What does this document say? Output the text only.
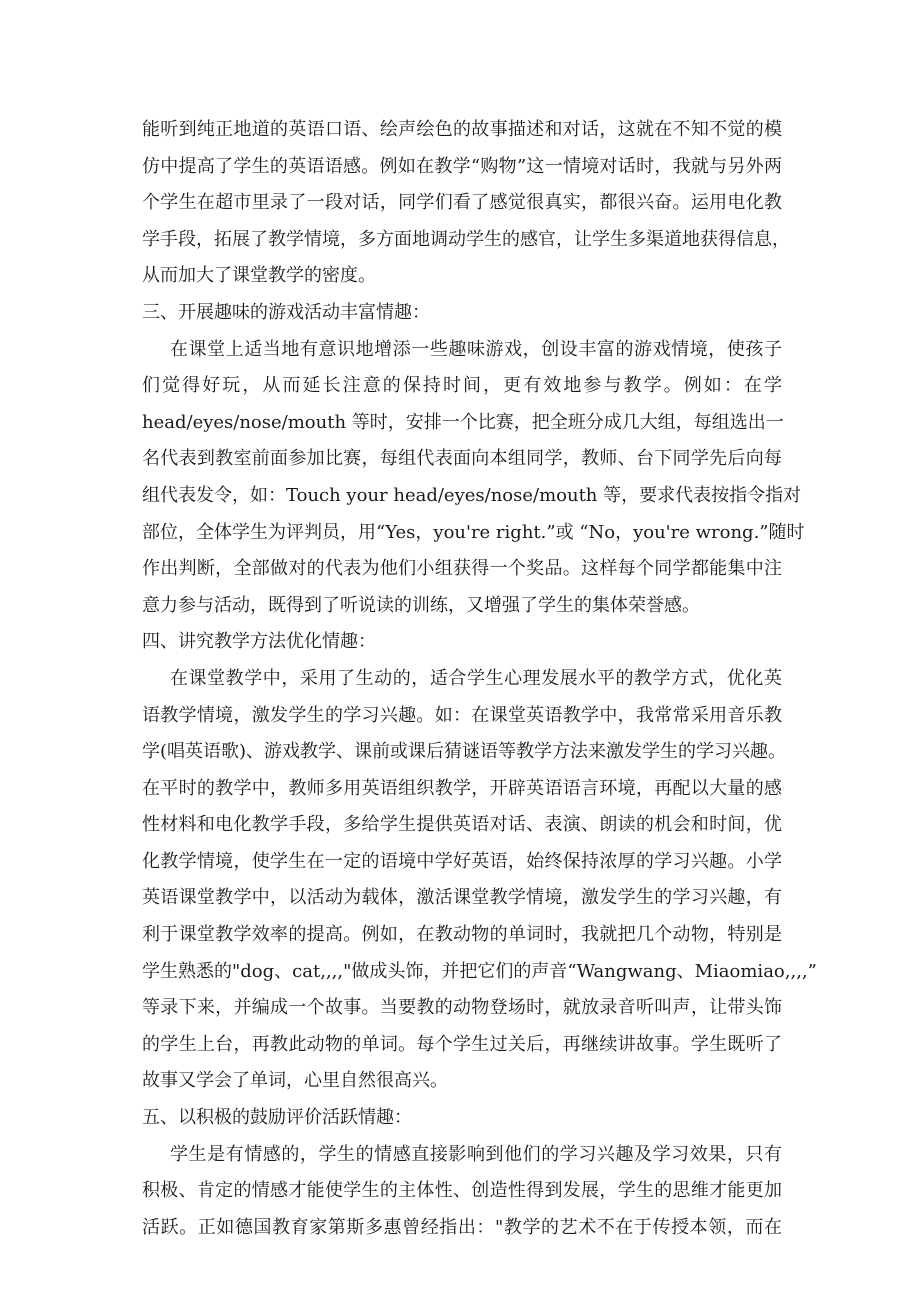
能听到纯正地道的英语口语、绘声绘色的故事描述和对话，这就在不知不觉的模
仿中提高了学生的英语语感。例如在教学“购物”这一情境对话时，我就与另外两
个学生在超市里录了一段对话，同学们看了感觉很真实，都很兴奋。运用电化教
学手段，拓展了教学情境，多方面地调动学生的感官，让学生多渠道地获得信息，
从而加大了课堂教学的密度。
三、开展趣味的游戏活动丰富情趣：
在课堂上适当地有意识地增添一些趣味游戏，创设丰富的游戏情境，使孩子
们觉得好玩，从而延长注意的保持时间，更有效地参与教学。例如：在学
head/eyes/nose/mouth 等时，安排一个比赛，把全班分成几大组，每组选出一
名代表到教室前面参加比赛，每组代表面向本组同学，教师、台下同学先后向每
组代表发令，如：Touch your head/eyes/nose/mouth 等，要求代表按指令指对
部位，全体学生为评判员，用“Yes，you're right.”或 “No，you're wrong.”随时
作出判断，全部做对的代表为他们小组获得一个奖品。这样每个同学都能集中注
意力参与活动，既得到了听说读的训练，又增强了学生的集体荣誉感。
四、讲究教学方法优化情趣：
在课堂教学中，采用了生动的，适合学生心理发展水平的教学方式，优化英
语教学情境，激发学生的学习兴趣。如：在课堂英语教学中，我常常采用音乐教
学(唱英语歌)、游戏教学、课前或课后猜谜语等教学方法来激发学生的学习兴趣。
在平时的教学中，教师多用英语组织教学，开辟英语语言环境，再配以大量的感
性材料和电化教学手段，多给学生提供英语对话、表演、朗读的机会和时间，优
化教学情境，使学生在一定的语境中学好英语，始终保持浓厚的学习兴趣。小学
英语课堂教学中，以活动为载体，激活课堂教学情境，激发学生的学习兴趣，有
利于课堂教学效率的提高。例如，在教动物的单词时，我就把几个动物，特别是
学生熟悉的"dog、cat,,,,"做成头饰，并把它们的声音“Wangwang、Miaomiao,,,,”
等录下来，并编成一个故事。当要教的动物登场时，就放录音听叫声，让带头饰
的学生上台，再教此动物的单词。每个学生过关后，再继续讲故事。学生既听了
故事又学会了单词，心里自然很高兴。
五、以积极的鼓励评价活跃情趣：
学生是有情感的，学生的情感直接影响到他们的学习兴趣及学习效果，只有
积极、肯定的情感才能使学生的主体性、创造性得到发展，学生的思维才能更加
活跃。正如德国教育家第斯多惠曾经指出："教学的艺术不在于传授本领，而在
